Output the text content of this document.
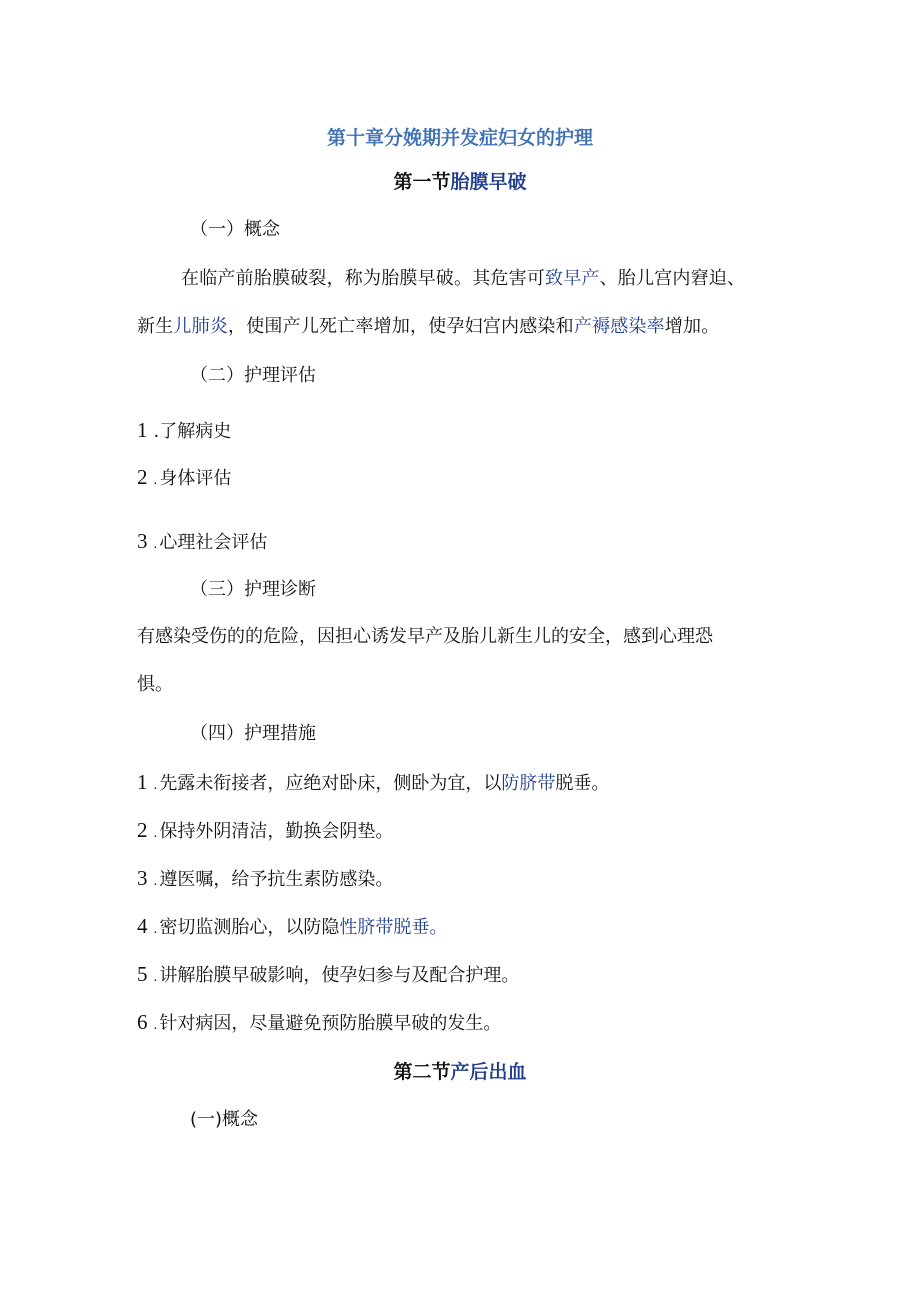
第十章分娩期并发症妇女的护理
第一节胎膜早破
（一）概念
在临产前胎膜破裂，称为胎膜早破。其危害可致早产、胎儿宫内窘迫、
新生儿肺炎，使围产儿死亡率增加，使孕妇宫内感染和产褥感染率增加。
（二）护理评估
1 .了解病史
2 . 身体评估
3 . 心理社会评估
（三）护理诊断
有感染受伤的的危险，因担心诱发早产及胎儿新生儿的安全，感到心理恐
惧。
（四）护理措施
1 . 先露未衔接者，应绝对卧床，侧卧为宜，以防脐带脱垂。
2 . 保持外阴清洁，勤换会阴垫。
3 . 遵医嘱，给予抗生素防感染。
4 . 密切监测胎心，以防隐性脐带脱垂。
5 . 讲解胎膜早破影响，使孕妇参与及配合护理。
6 . 针对病因，尽量避免预防胎膜早破的发生。
第二节产后出血
(一)概念
